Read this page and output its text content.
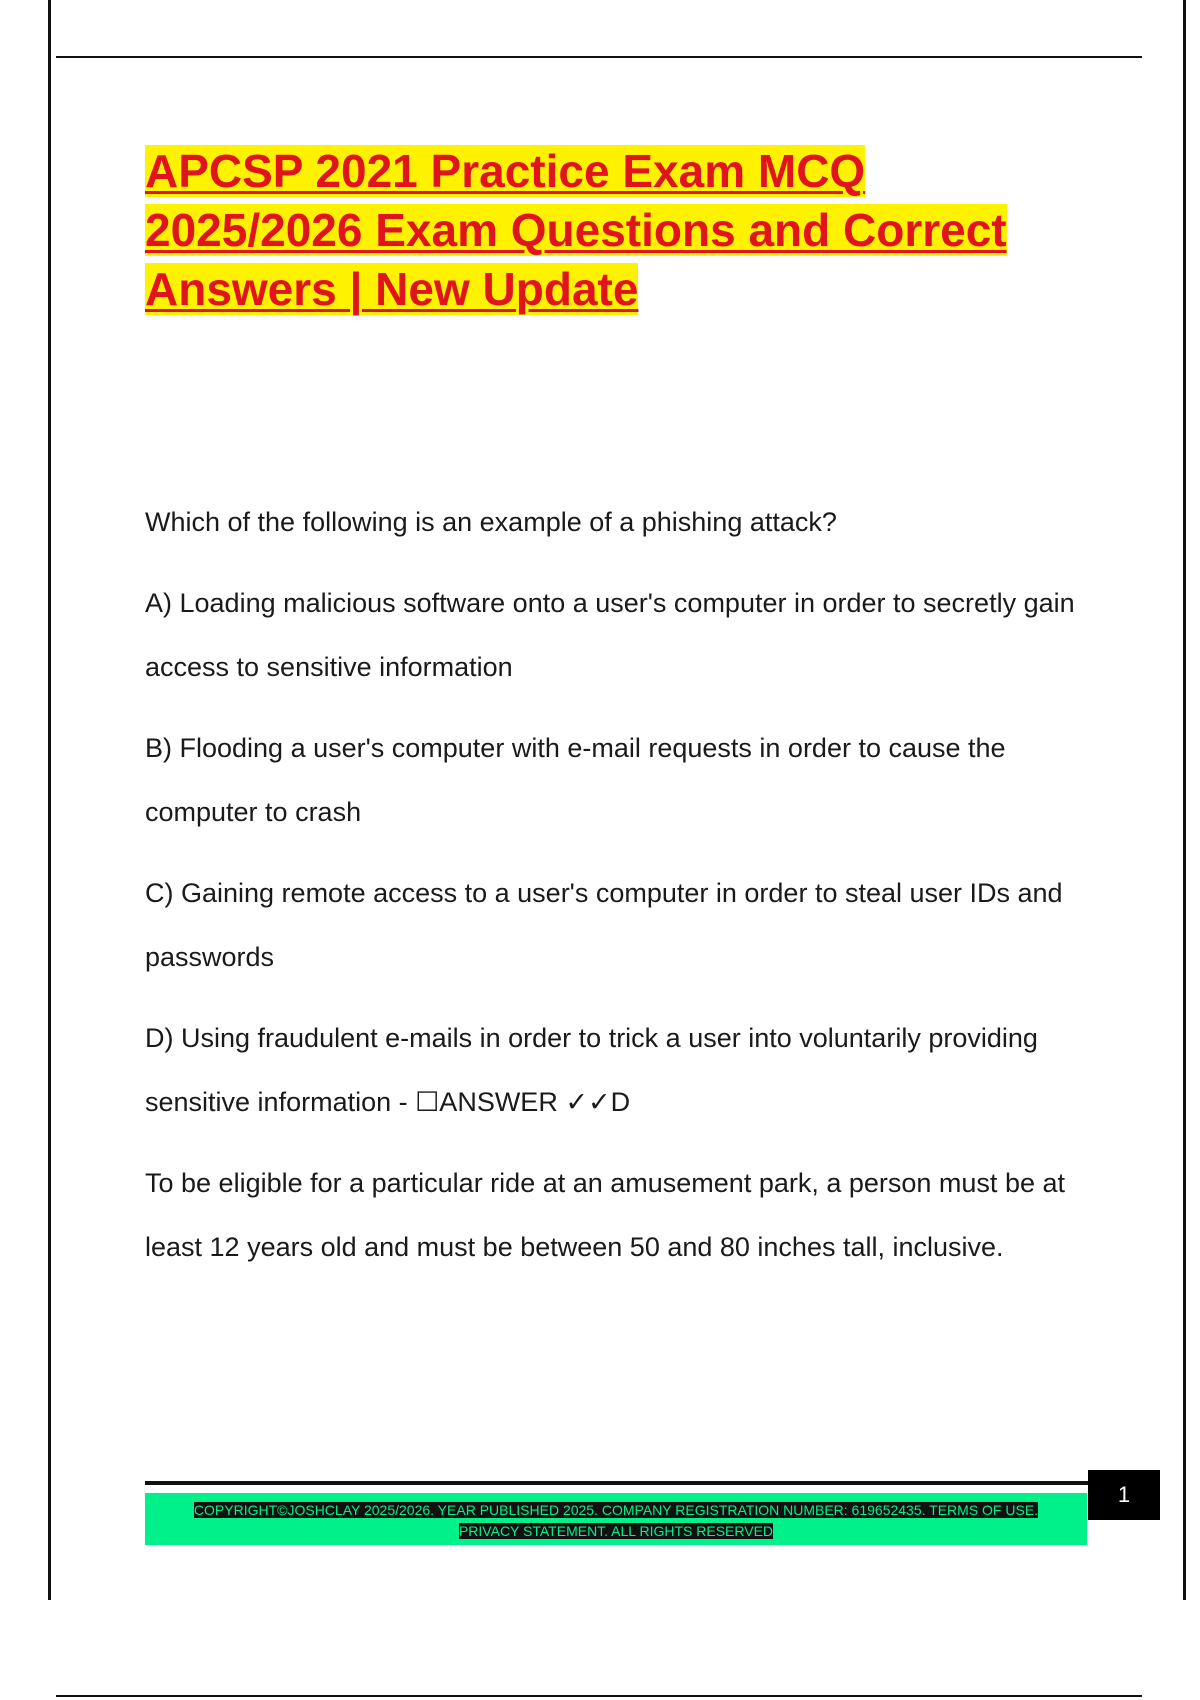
APCSP 2021 Practice Exam MCQ 2025/2026 Exam Questions and Correct Answers | New Update

Which of the following is an example of a phishing attack?

A) Loading malicious software onto a user's computer in order to secretly gain access to sensitive information

B) Flooding a user's computer with e-mail requests in order to cause the computer to crash

C) Gaining remote access to a user's computer in order to steal user IDs and passwords

D) Using fraudulent e-mails in order to trick a user into voluntarily providing sensitive information - ☐ANSWER ✓✓D

To be eligible for a particular ride at an amusement park, a person must be at least 12 years old and must be between 50 and 80 inches tall, inclusive.

COPYRIGHT©JOSHCLAY 2025/2026. YEAR PUBLISHED 2025. COMPANY REGISTRATION NUMBER: 619652435. TERMS OF USE. PRIVACY STATEMENT. ALL RIGHTS RESERVED
1
